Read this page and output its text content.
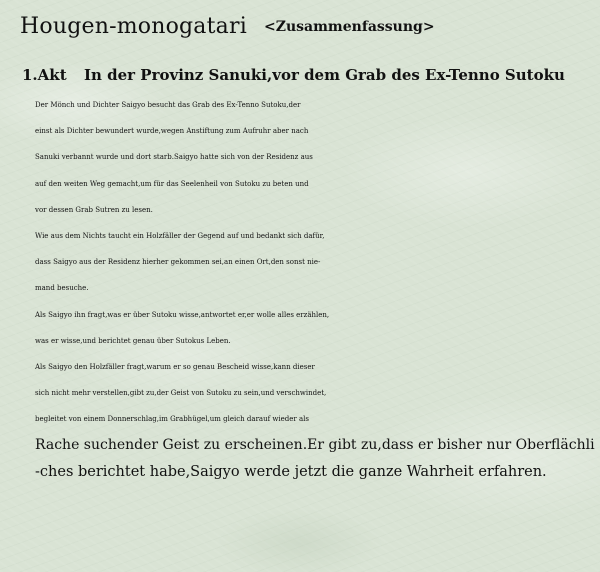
Hougen-monogatari <Zusammenfassung>
1.Akt In der Provinz Sanuki,vor dem Grab des Ex-Tenno Sutoku
Der Mönch und Dichter Saigyo besucht das Grab des Ex-Tenno Sutoku,der
einst als Dichter bewundert wurde,wegen Anstiftung zum Aufruhr aber nach
Sanuki verbannt wurde und dort starb.Saigyo hatte sich von der Residenz aus
auf den weiten Weg gemacht,um für das Seelenheil von Sutoku zu beten und
vor dessen Grab Sutren zu lesen.
Wie aus dem Nichts taucht ein Holzfäller der Gegend auf und bedankt sich dafür,
dass Saigyo aus der Residenz hierher gekommen sei,an einen Ort,den sonst nie-
mand besuche.
Als Saigyo ihn fragt,was er über Sutoku wisse,antwortet er,er wolle alles erzählen,
was er wisse,und berichtet genau über Sutokus Leben.
Als Saigyo den Holzfäller fragt,warum er so genau Bescheid wisse,kann dieser
sich nicht mehr verstellen,gibt zu,der Geist von Sutoku zu sein,und verschwindet,
begleitet von einem Donnerschlag,im Grabhügel,um gleich darauf wieder als
Rache suchender Geist zu erscheinen.Er gibt zu,dass er bisher nur Oberflächli
-ches berichtet habe,Saigyo werde jetzt die ganze Wahrheit erfahren.
